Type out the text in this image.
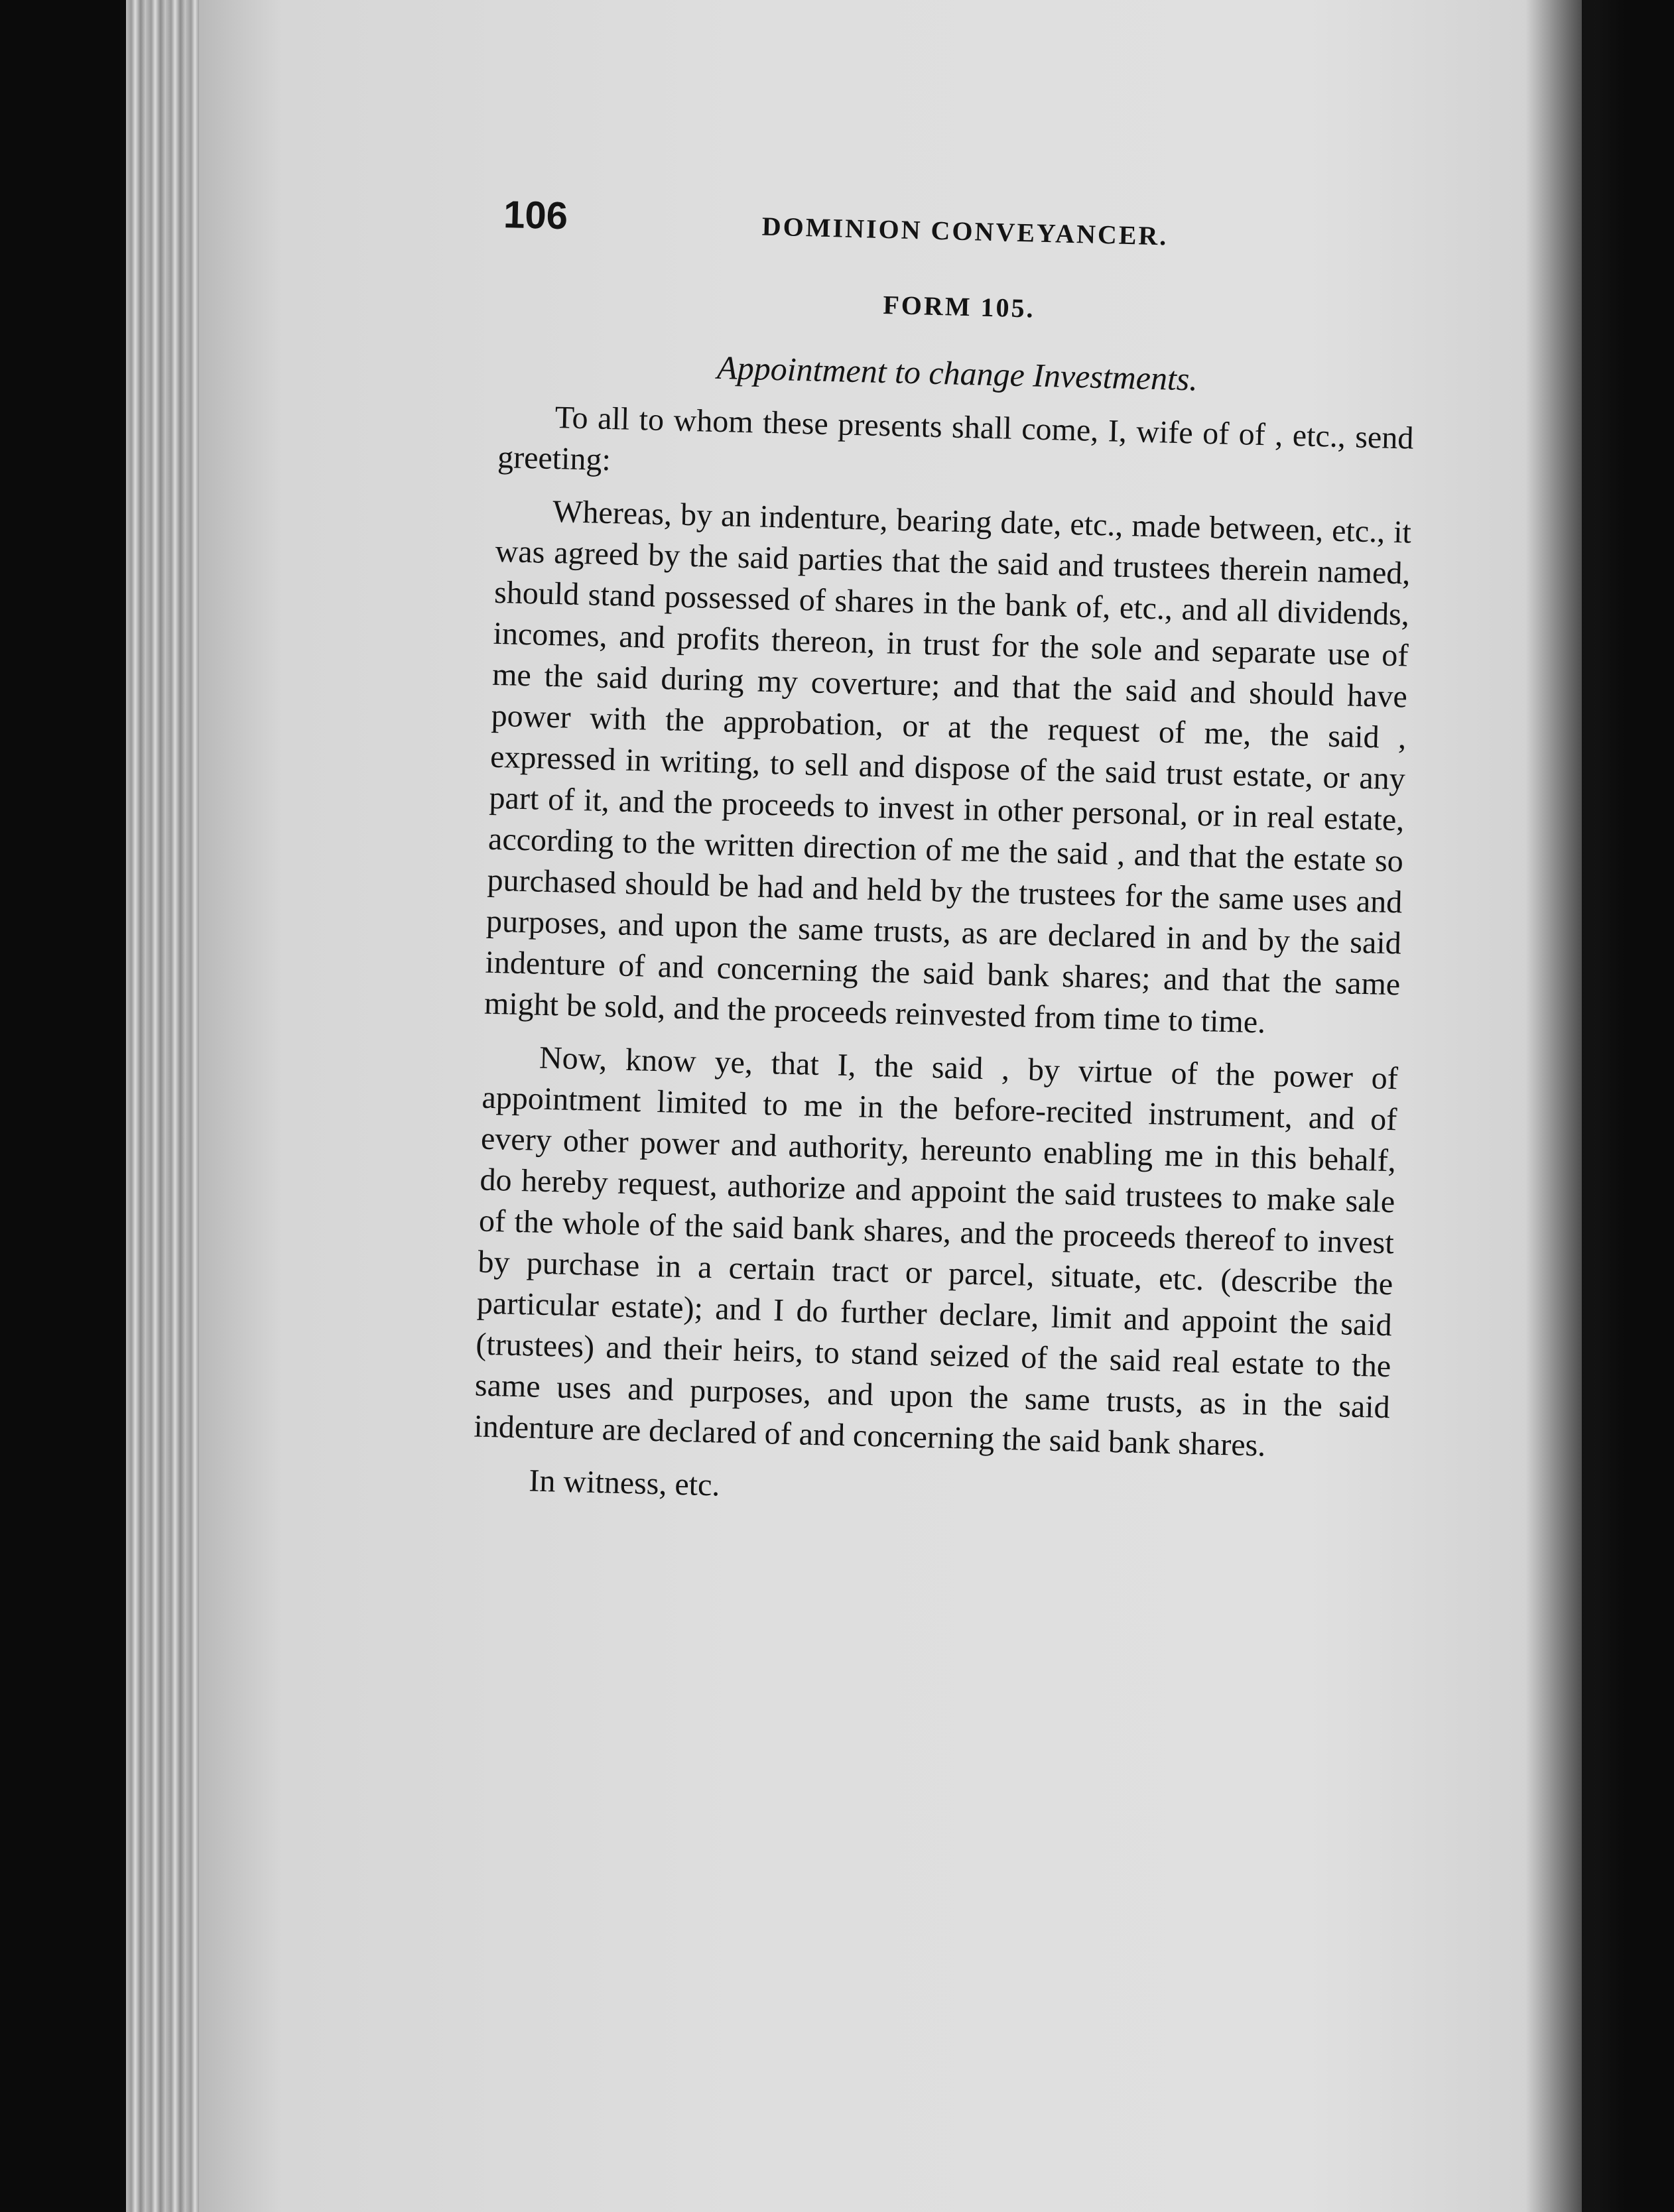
106	DOMINION CONVEYANCER.
FORM 105.
Appointment to change Investments.

To all to whom these presents shall come, I, wife of of , etc., send greeting:

Whereas, by an indenture, bearing date, etc., made between, etc., it was agreed by the said parties that the said and trustees therein named, should stand possessed of shares in the bank of, etc., and all dividends, incomes, and profits thereon, in trust for the sole and separate use of me the said during my coverture; and that the said and should have power with the approbation, or at the request of me, the said , expressed in writing, to sell and dispose of the said trust estate, or any part of it, and the proceeds to invest in other personal, or in real estate, according to the written direction of me the said , and that the estate so purchased should be had and held by the trustees for the same uses and purposes, and upon the same trusts, as are declared in and by the said indenture of and concerning the said bank shares; and that the same might be sold, and the proceeds reinvested from time to time.

Now, know ye, that I, the said , by virtue of the power of appointment limited to me in the before-recited instrument, and of every other power and authority, hereunto enabling me in this behalf, do hereby request, authorize and appoint the said trustees to make sale of the whole of the said bank shares, and the proceeds thereof to invest by purchase in a certain tract or parcel, situate, etc. (describe the particular estate); and I do further declare, limit and appoint the said (trustees) and their heirs, to stand seized of the said real estate to the same uses and purposes, and upon the same trusts, as in the said indenture are declared of and concerning the said bank shares.

In witness, etc.
